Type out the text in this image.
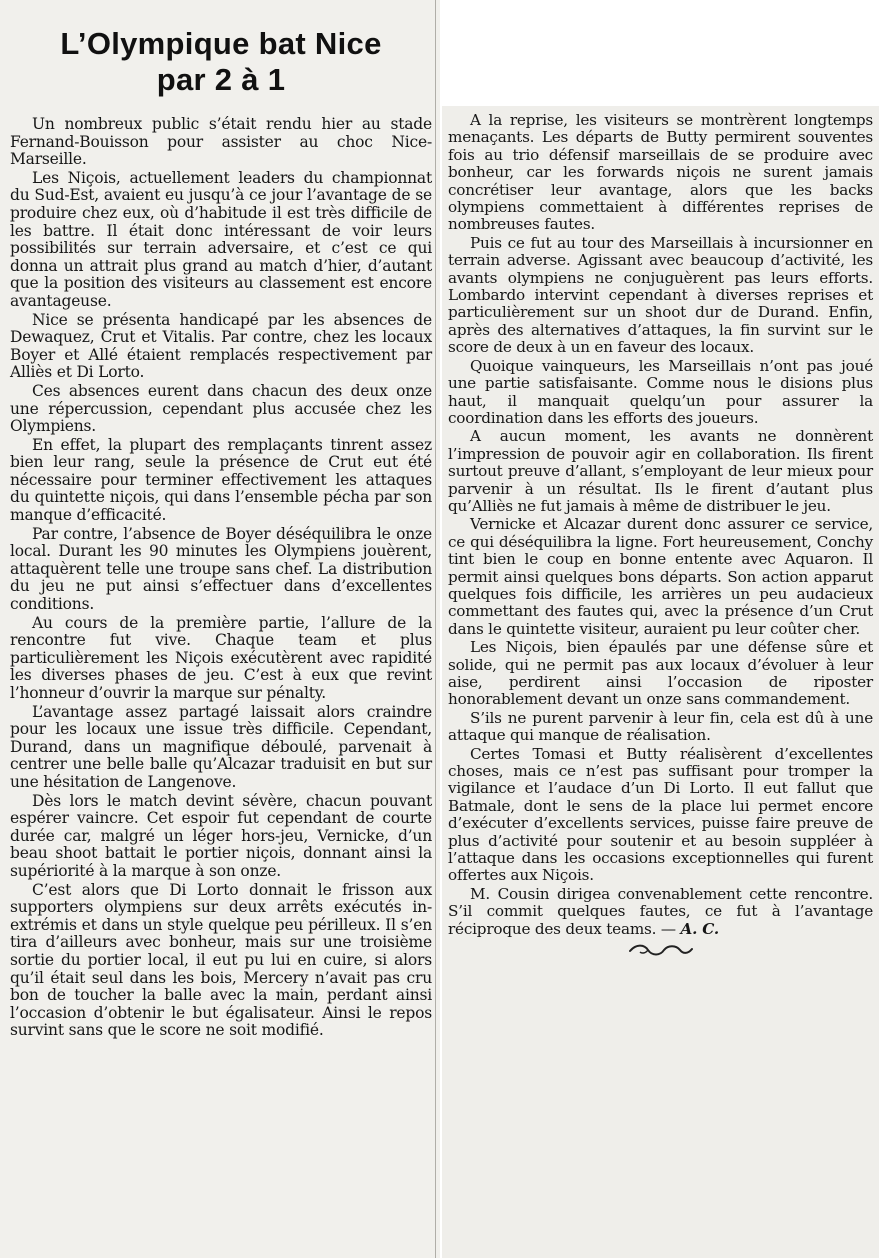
L’Olympique bat Nice
par 2 à 1

Un nombreux public s’était rendu hier au stade Fernand-Bouisson pour assister au choc Nice-Marseille.

Les Niçois, actuellement leaders du championnat du Sud-Est, avaient eu jusqu’à ce jour l’avantage de se produire chez eux, où d’habitude il est très difficile de les battre. Il était donc intéressant de voir leurs possibilités sur terrain adversaire, et c’est ce qui donna un attrait plus grand au match d’hier, d’autant que la position des visiteurs au classement est encore avantageuse.

Nice se présenta handicapé par les absences de Dewaquez, Crut et Vitalis. Par contre, chez les locaux Boyer et Allé étaient remplacés respectivement par Alliès et Di Lorto.

Ces absences eurent dans chacun des deux onze une répercussion, cependant plus accusée chez les Olympiens.

En effet, la plupart des remplaçants tinrent assez bien leur rang, seule la présence de Crut eut été nécessaire pour terminer effectivement les attaques du quintette niçois, qui dans l’ensemble pécha par son manque d’efficacité.

Par contre, l’absence de Boyer déséquilibra le onze local. Durant les 90 minutes les Olympiens jouèrent, attaquèrent telle une troupe sans chef. La distribution du jeu ne put ainsi s’effectuer dans d’excellentes conditions.

Au cours de la première partie, l’allure de la rencontre fut vive. Chaque team et plus particulièrement les Niçois exécutèrent avec rapidité les diverses phases de jeu. C’est à eux que revint l’honneur d’ouvrir la marque sur pénalty.

L’avantage assez partagé laissait alors craindre pour les locaux une issue très difficile. Cependant, Durand, dans un magnifique déboulé, parvenait à centrer une belle balle qu’Alcazar traduisit en but sur une hésitation de Langenove.

Dès lors le match devint sévère, chacun pouvant espérer vaincre. Cet espoir fut cependant de courte durée car, malgré un léger hors-jeu, Vernicke, d’un beau shoot battait le portier niçois, donnant ainsi la supériorité à la marque à son onze.

C’est alors que Di Lorto donnait le frisson aux supporters olympiens sur deux arrêts exécutés in-extrémis et dans un style quelque peu périlleux. Il s’en tira d’ailleurs avec bonheur, mais sur une troisième sortie du portier local, il eut pu lui en cuire, si alors qu’il était seul dans les bois, Mercery n’avait pas cru bon de toucher la balle avec la main, perdant ainsi l’occasion d’obtenir le but égalisateur. Ainsi le repos survint sans que le score ne soit modifié.

A la reprise, les visiteurs se montrèrent longtemps menaçants. Les départs de Butty permirent souventes fois au trio défensif marseillais de se produire avec bonheur, car les forwards niçois ne surent jamais concrétiser leur avantage, alors que les backs olympiens commettaient à différentes reprises de nombreuses fautes.

Puis ce fut au tour des Marseillais à incursionner en terrain adverse. Agissant avec beaucoup d’activité, les avants olympiens ne conjuguèrent pas leurs efforts. Lombardo intervint cependant à diverses reprises et particulièrement sur un shoot dur de Durand. Enfin, après des alternatives d’attaques, la fin survint sur le score de deux à un en faveur des locaux.

Quoique vainqueurs, les Marseillais n’ont pas joué une partie satisfaisante. Comme nous le disions plus haut, il manquait quelqu’un pour assurer la coordination dans les efforts des joueurs.

A aucun moment, les avants ne donnèrent l’impression de pouvoir agir en collaboration. Ils firent surtout preuve d’allant, s’employant de leur mieux pour parvenir à un résultat. Ils le firent d’autant plus qu’Alliès ne fut jamais à même de distribuer le jeu.

Vernicke et Alcazar durent donc assurer ce service, ce qui déséquilibra la ligne. Fort heureusement, Conchy tint bien le coup en bonne entente avec Aquaron. Il permit ainsi quelques bons départs. Son action apparut quelques fois difficile, les arrières un peu audacieux commettant des fautes qui, avec la présence d’un Crut dans le quintette visiteur, auraient pu leur coûter cher.

Les Niçois, bien épaulés par une défense sûre et solide, qui ne permit pas aux locaux d’évoluer à leur aise, perdirent ainsi l’occasion de riposter honorablement devant un onze sans commandement.

S’ils ne purent parvenir à leur fin, cela est dû à une attaque qui manque de réalisation.

Certes Tomasi et Butty réalisèrent d’excellentes choses, mais ce n’est pas suffisant pour tromper la vigilance et l’audace d’un Di Lorto. Il eut fallut que Batmale, dont le sens de la place lui permet encore d’exécuter d’excellents services, puisse faire preuve de plus d’activité pour soutenir et au besoin suppléer à l’attaque dans les occasions exceptionnelles qui furent offertes aux Niçois.

M. Cousin dirigea convenablement cette rencontre. S’il commit quelques fautes, ce fut à l’avantage réciproque des deux teams. — A. C.
